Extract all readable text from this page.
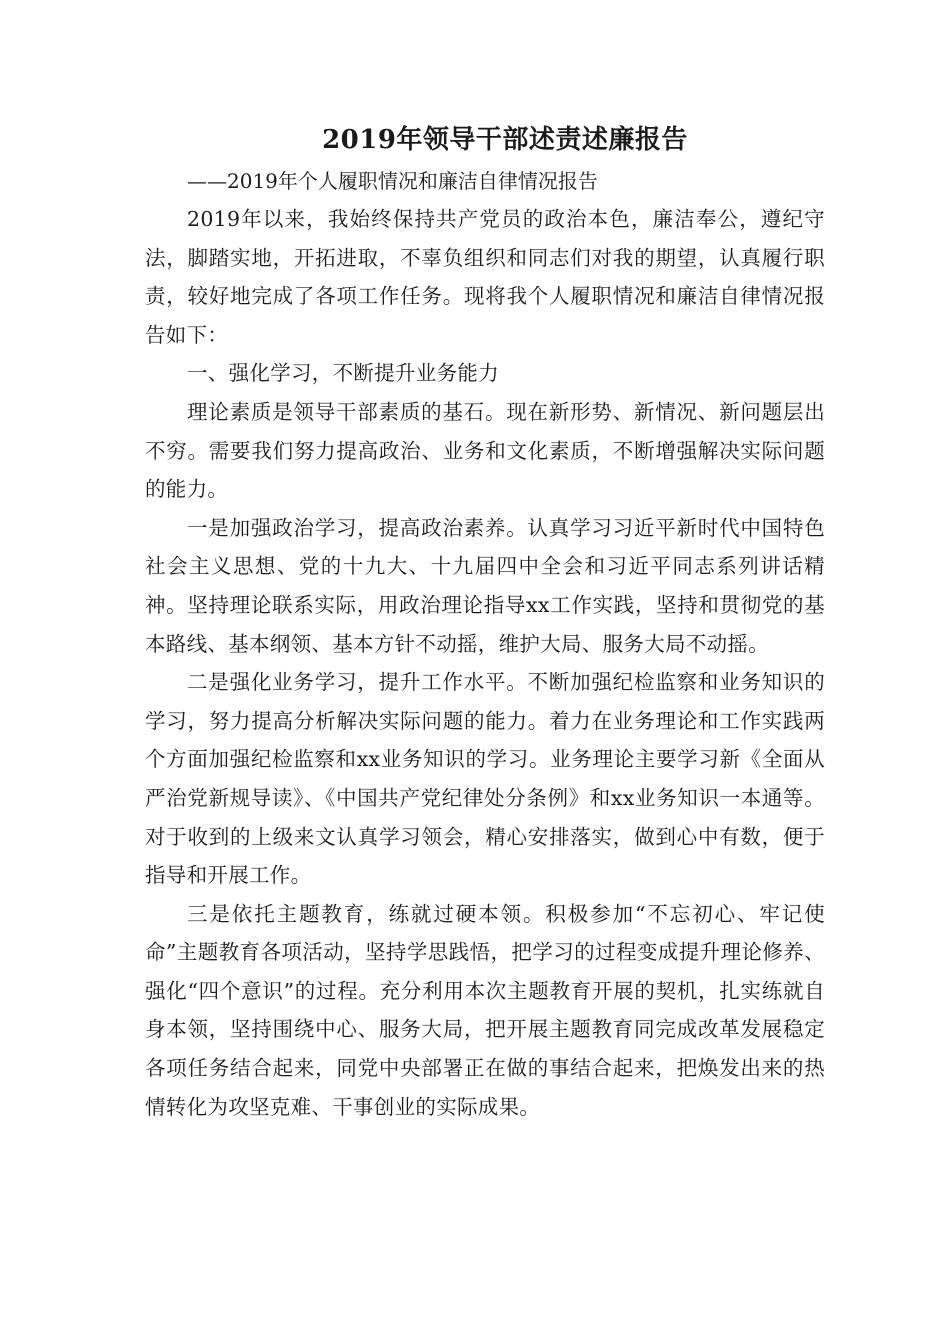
2019年领导干部述责述廉报告

——2019年个人履职情况和廉洁自律情况报告

2019年以来，我始终保持共产党员的政治本色，廉洁奉公，遵纪守法，脚踏实地，开拓进取，不辜负组织和同志们对我的期望，认真履行职责，较好地完成了各项工作任务。现将我个人履职情况和廉洁自律情况报告如下：

一、强化学习，不断提升业务能力

理论素质是领导干部素质的基石。现在新形势、新情况、新问题层出不穷。需要我们努力提高政治、业务和文化素质，不断增强解决实际问题的能力。

一是加强政治学习，提高政治素养。认真学习习近平新时代中国特色社会主义思想、党的十九大、十九届四中全会和习近平同志系列讲话精神。坚持理论联系实际，用政治理论指导xx工作实践，坚持和贯彻党的基本路线、基本纲领、基本方针不动摇，维护大局、服务大局不动摇。

二是强化业务学习，提升工作水平。不断加强纪检监察和业务知识的学习，努力提高分析解决实际问题的能力。着力在业务理论和工作实践两个方面加强纪检监察和xx业务知识的学习。业务理论主要学习新《全面从严治党新规导读》、《中国共产党纪律处分条例》和xx业务知识一本通等。对于收到的上级来文认真学习领会，精心安排落实，做到心中有数，便于指导和开展工作。

三是依托主题教育，练就过硬本领。积极参加“不忘初心、牢记使命”主题教育各项活动，坚持学思践悟，把学习的过程变成提升理论修养、强化“四个意识”的过程。充分利用本次主题教育开展的契机，扎实练就自身本领，坚持围绕中心、服务大局，把开展主题教育同完成改革发展稳定各项任务结合起来，同党中央部署正在做的事结合起来，把焕发出来的热情转化为攻坚克难、干事创业的实际成果。
